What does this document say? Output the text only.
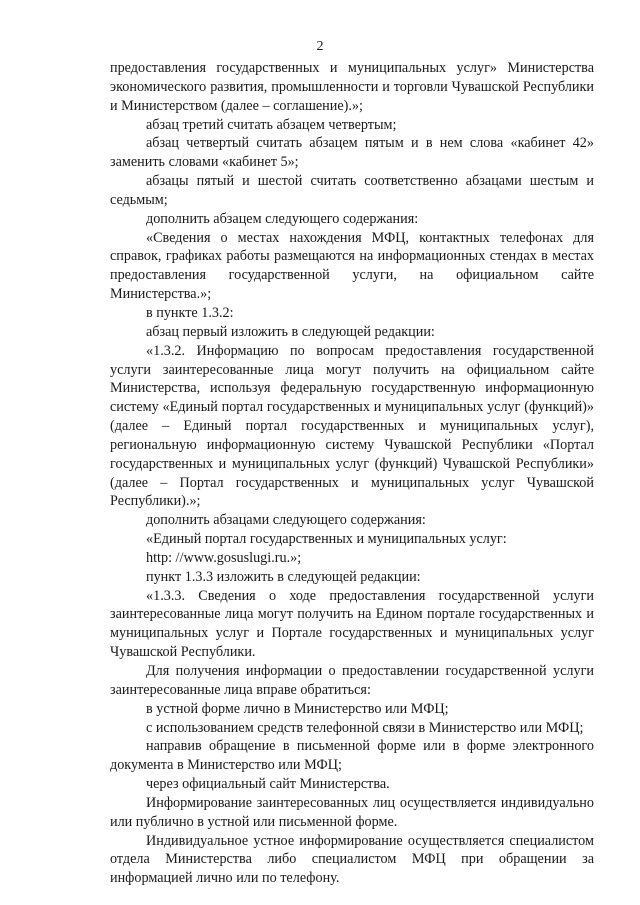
2

предоставления государственных и муниципальных услуг» Министерства экономического развития, промышленности и торговли Чувашской Республики и Министерством (далее – соглашение).»;

абзац третий считать абзацем четвертым;

абзац четвертый считать абзацем пятым и в нем слова «кабинет 42» заменить словами «кабинет 5»;

абзацы пятый и шестой считать соответственно абзацами шестым и седьмым;

дополнить абзацем следующего содержания:

«Сведения о местах нахождения МФЦ, контактных телефонах для справок, графиках работы размещаются на информационных стендах в местах предоставления государственной услуги, на официальном сайте Министерства.»;

в пункте 1.3.2:

абзац первый изложить в следующей редакции:

«1.3.2. Информацию по вопросам предоставления государственной услуги заинтересованные лица могут получить на официальном сайте Министерства, используя федеральную государственную информационную систему «Единый портал государственных и муниципальных услуг (функций)» (далее – Единый портал государственных и муниципальных услуг), региональную информационную систему Чувашской Республики «Портал государственных и муниципальных услуг (функций) Чувашской Республики» (далее – Портал государственных и муниципальных услуг Чувашской Республики).»;

дополнить абзацами следующего содержания:

«Единый портал государственных и муниципальных услуг:

http: //www.gosuslugi.ru.»;

пункт 1.3.3 изложить в следующей редакции:

«1.3.3. Сведения о ходе предоставления государственной услуги заинтересованные лица могут получить на Едином портале государственных и муниципальных услуг и Портале государственных и муниципальных услуг Чувашской Республики.

Для получения информации о предоставлении государственной услуги заинтересованные лица вправе обратиться:

в устной форме лично в Министерство или МФЦ;

с использованием средств телефонной связи в Министерство или МФЦ;

направив обращение в письменной форме или в форме электронного документа в Министерство или МФЦ;

через официальный сайт Министерства.

Информирование заинтересованных лиц осуществляется индивидуально или публично в устной или письменной форме.

Индивидуальное устное информирование осуществляется специалистом отдела Министерства либо специалистом МФЦ при обращении за информацией лично или по телефону.
